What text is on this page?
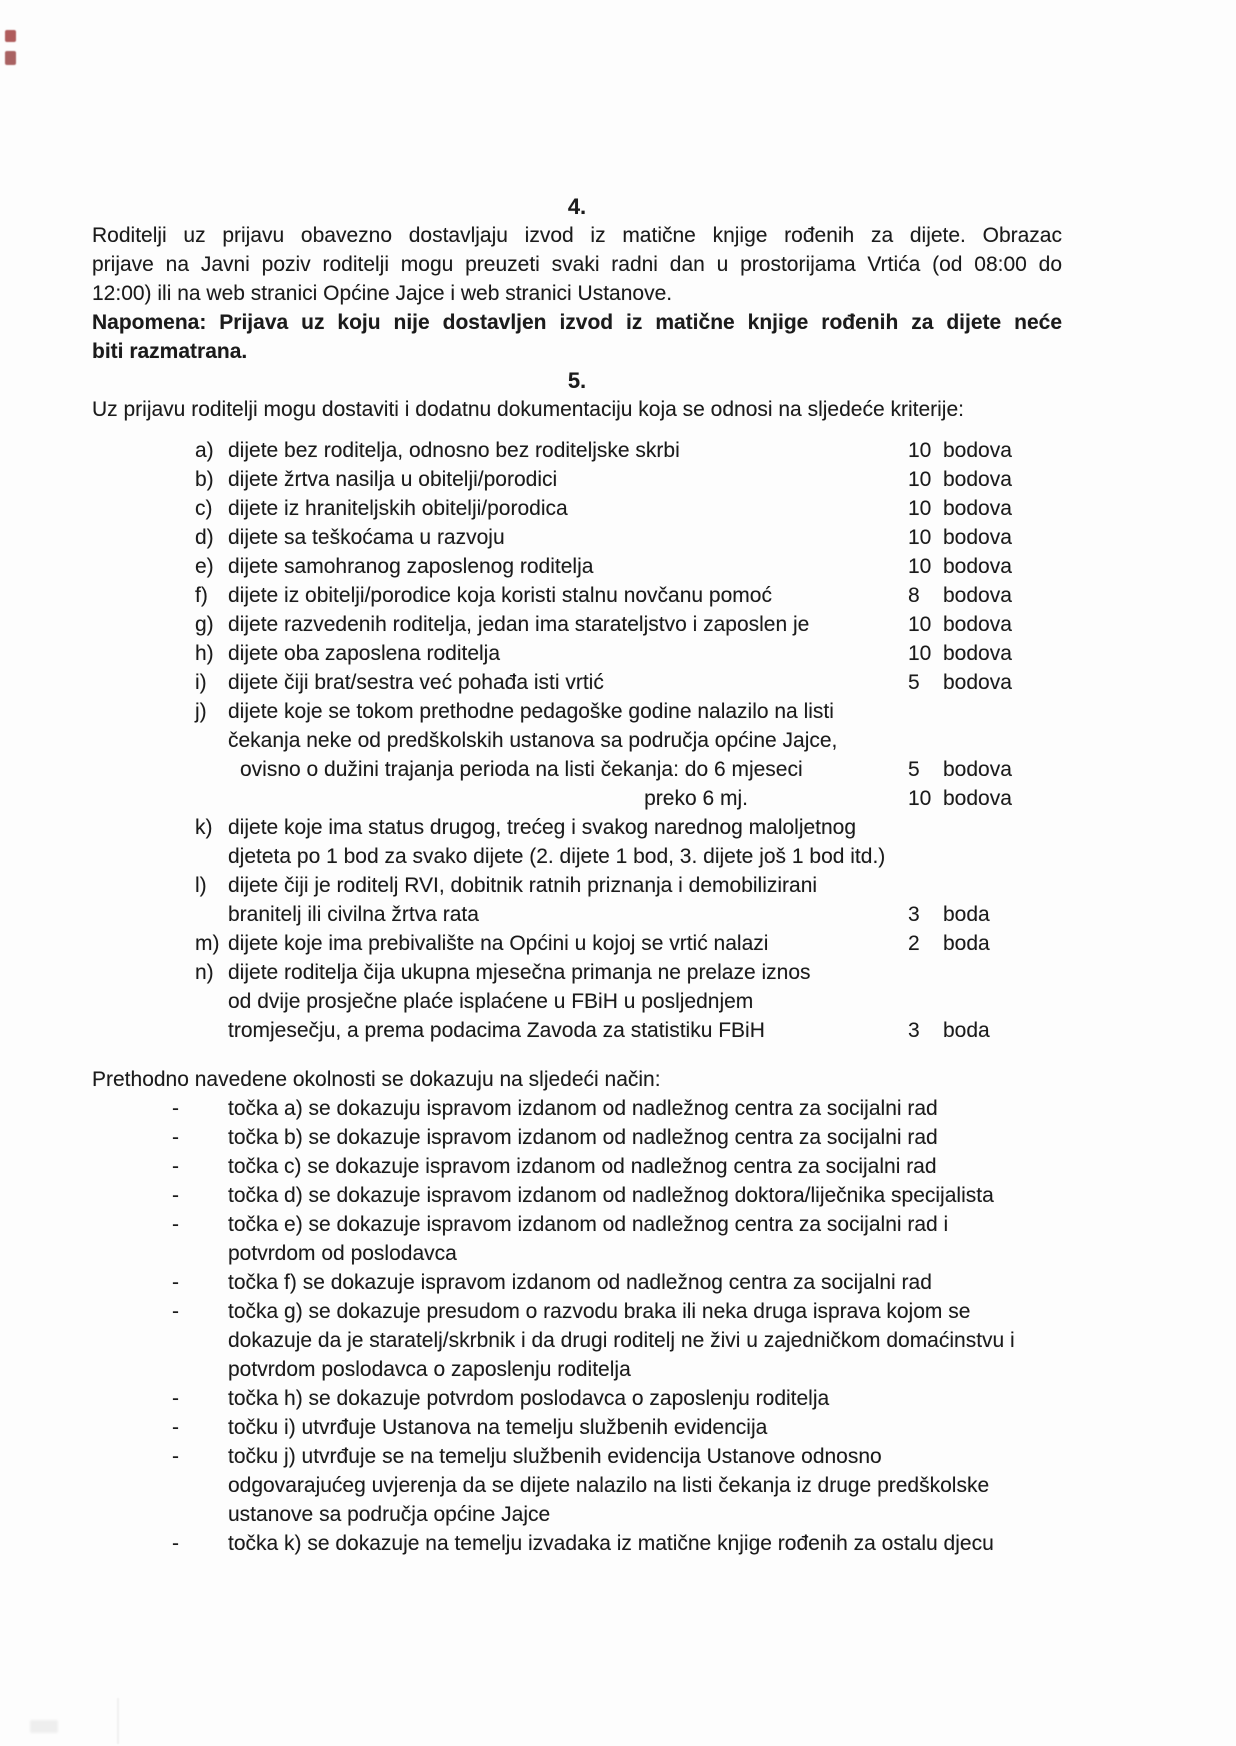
4.
Roditelji uz prijavu obavezno dostavljaju izvod iz matične knjige rođenih za dijete. Obrazac
prijave na Javni poziv roditelji mogu preuzeti svaki radni dan u prostorijama Vrtića (od 08:00 do
12:00) ili na web stranici Općine Jajce i web stranici Ustanove.
Napomena: Prijava uz koju nije dostavljen izvod iz matične knjige rođenih za dijete neće
biti razmatrana.
5.
Uz prijavu roditelji mogu dostaviti i dodatnu dokumentaciju koja se odnosi na sljedeće kriterije:
a) dijete bez roditelja, odnosno bez roditeljske skrbi	10 bodova
b) dijete žrtva nasilja u obitelji/porodici	10 bodova
c) dijete iz hraniteljskih obitelji/porodica	10 bodova
d) dijete sa teškoćama u razvoju	10 bodova
e) dijete samohranog zaposlenog roditelja	10 bodova
f) dijete iz obitelji/porodice koja koristi stalnu novčanu pomoć	8	bodova
g) dijete razvedenih roditelja, jedan ima starateljstvo i zaposlen je	10 bodova
h) dijete oba zaposlena roditelja	10 bodova
i)	dijete čiji brat/sestra već pohađa isti vrtić	5	bodova
j)	dijete koje se tokom prethodne pedagoške godine nalazilo na listi
čekanja neke od predškolskih ustanova sa područja općine Jajce,
ovisno o dužini trajanja perioda na listi čekanja: do 6 mjeseci	5	bodova
preko 6 mj.	10 bodova
k) dijete koje ima status drugog, trećeg i svakog narednog maloljetnog
djeteta po 1 bod za svako dijete (2. dijete 1 bod, 3. dijete još 1 bod itd.)
l)	dijete čiji je roditelj RVI, dobitnik ratnih priznanja i demobilizirani
branitelj ili civilna žrtva rata	3	boda
m) dijete koje ima prebivalište na Općini u kojoj se vrtić nalazi	2	boda
n) dijete roditelja čija ukupna mjesečna primanja ne prelaze iznos
od dvije prosječne plaće isplaćene u FBiH u posljednjem
tromjesečju, a prema podacima Zavoda za statistiku FBiH	3	boda
Prethodno navedene okolnosti se dokazuju na sljedeći način:
-	točka a) se dokazuju ispravom izdanom od nadležnog centra za socijalni rad
-	točka b) se dokazuje ispravom izdanom od nadležnog centra za socijalni rad
-	točka c) se dokazuje ispravom izdanom od nadležnog centra za socijalni rad
-	točka d) se dokazuje ispravom izdanom od nadležnog doktora/liječnika specijalista
-	točka e) se dokazuje ispravom izdanom od nadležnog centra za socijalni rad i
potvrdom od poslodavca
-	točka f) se dokazuje ispravom izdanom od nadležnog centra za socijalni rad
-	točka g) se dokazuje presudom o razvodu braka ili neka druga isprava kojom se
dokazuje da je staratelj/skrbnik i da drugi roditelj ne živi u zajedničkom domaćinstvu i
potvrdom poslodavca o zaposlenju roditelja
-	točka h) se dokazuje potvrdom poslodavca o zaposlenju roditelja
-	točku i) utvrđuje Ustanova na temelju službenih evidencija
-	točku j) utvrđuje se na temelju službenih evidencija Ustanove odnosno
odgovarajućeg uvjerenja da se dijete nalazilo na listi čekanja iz druge predškolske
ustanove sa područja općine Jajce
-	točka k) se dokazuje na temelju izvadaka iz matične knjige rođenih za ostalu djecu
